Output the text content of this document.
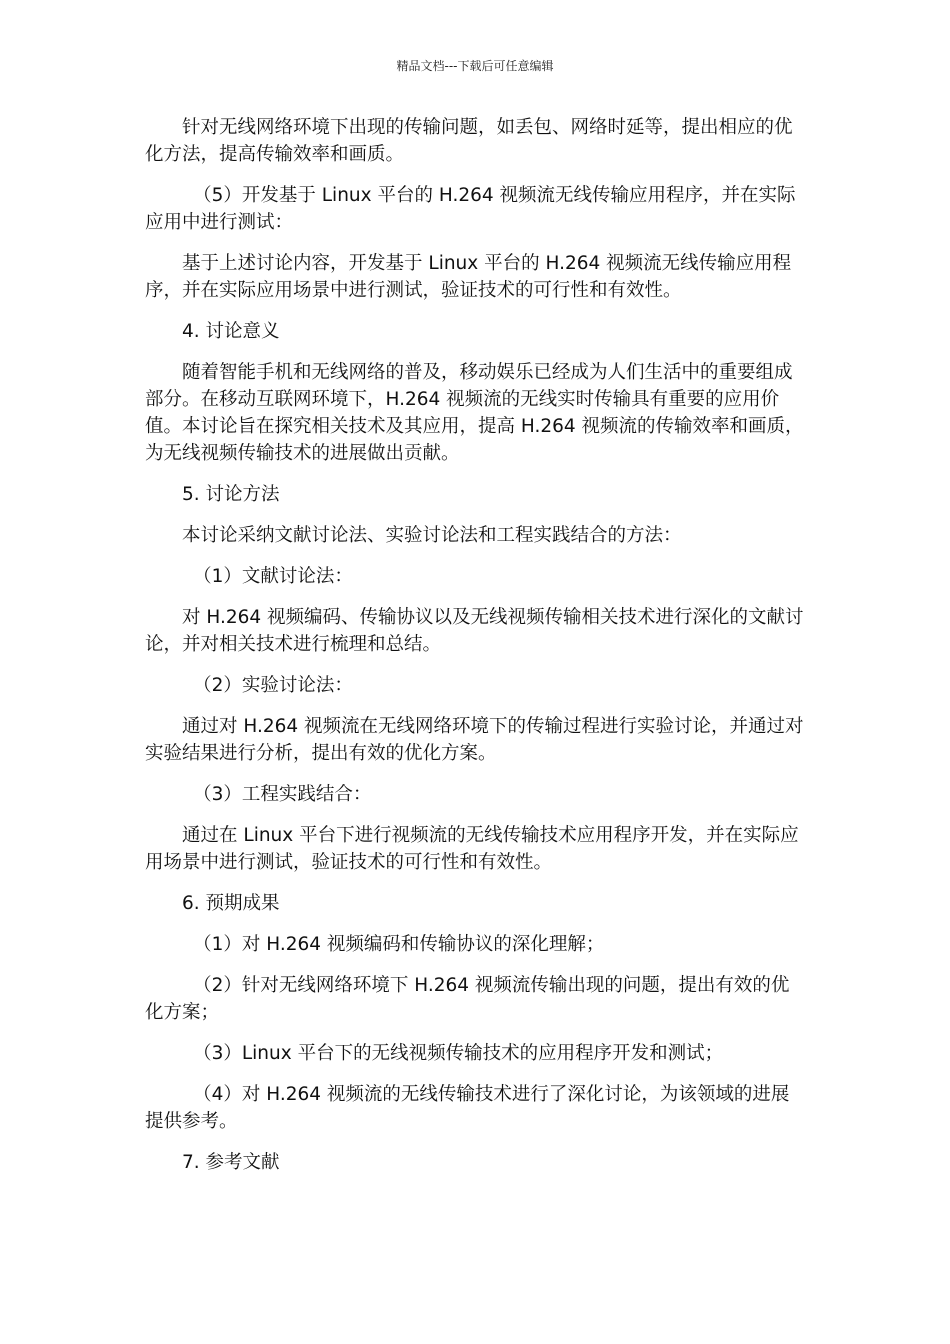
精品文档---下载后可任意编辑

针对无线网络环境下出现的传输问题，如丢包、网络时延等，提出相应的优化方法，提高传输效率和画质。

（5）开发基于 Linux 平台的 H.264 视频流无线传输应用程序，并在实际应用中进行测试：

基于上述讨论内容，开发基于 Linux 平台的 H.264 视频流无线传输应用程序，并在实际应用场景中进行测试，验证技术的可行性和有效性。

4. 讨论意义

随着智能手机和无线网络的普及，移动娱乐已经成为人们生活中的重要组成部分。在移动互联网环境下，H.264 视频流的无线实时传输具有重要的应用价值。本讨论旨在探究相关技术及其应用，提高 H.264 视频流的传输效率和画质，为无线视频传输技术的进展做出贡献。

5. 讨论方法

本讨论采纳文献讨论法、实验讨论法和工程实践结合的方法：

（1）文献讨论法：

对 H.264 视频编码、传输协议以及无线视频传输相关技术进行深化的文献讨论，并对相关技术进行梳理和总结。

（2）实验讨论法：

通过对 H.264 视频流在无线网络环境下的传输过程进行实验讨论，并通过对实验结果进行分析，提出有效的优化方案。

（3）工程实践结合：

通过在 Linux 平台下进行视频流的无线传输技术应用程序开发，并在实际应用场景中进行测试，验证技术的可行性和有效性。

6. 预期成果

（1）对 H.264 视频编码和传输协议的深化理解；

（2）针对无线网络环境下 H.264 视频流传输出现的问题，提出有效的优化方案；

（3）Linux 平台下的无线视频传输技术的应用程序开发和测试；

（4）对 H.264 视频流的无线传输技术进行了深化讨论，为该领域的进展提供参考。

7. 参考文献
